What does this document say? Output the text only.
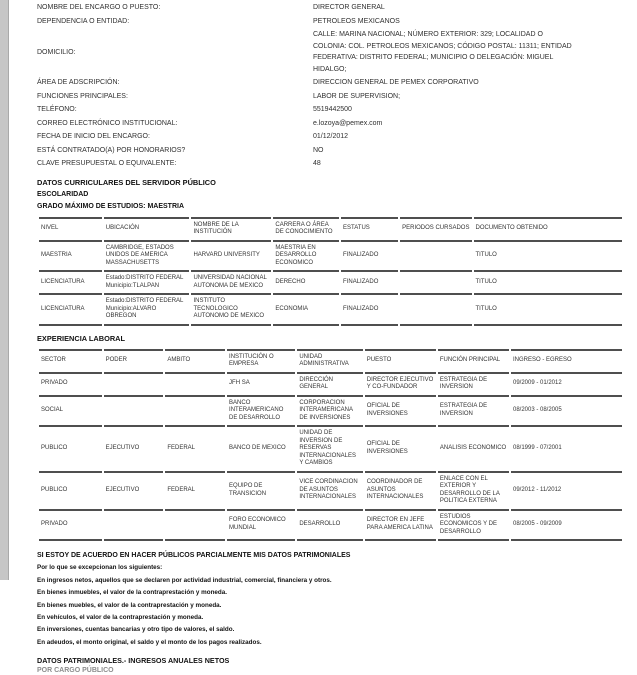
NOMBRE DEL ENCARGO O PUESTO:	DIRECTOR GENERAL
DEPENDENCIA O ENTIDAD:	PETROLEOS MEXICANOS
DOMICILIO:
CALLE: MARINA NACIONAL; NÚMERO EXTERIOR: 329; LOCALIDAD O COLONIA: COL. PETROLEOS MEXICANOS; CÓDIGO POSTAL: 11311; ENTIDAD FEDERATIVA: DISTRITO FEDERAL; MUNICIPIO O DELEGACIÓN: MIGUEL HIDALGO;
ÁREA DE ADSCRIPCIÓN:	DIRECCION GENERAL DE PEMEX CORPORATIVO
FUNCIONES PRINCIPALES:	LABOR DE SUPERVISION;
TELÉFONO:	5519442500
CORREO ELECTRÓNICO INSTITUCIONAL:	e.lozoya@pemex.com
FECHA DE INICIO DEL ENCARGO:	01/12/2012
ESTÁ CONTRATADO(A) POR HONORARIOS?	NO
CLAVE PRESUPUESTAL O EQUIVALENTE:	48
DATOS CURRICULARES DEL SERVIDOR PÚBLICO
ESCOLARIDAD
GRADO MÁXIMO DE ESTUDIOS: MAESTRIA
NIVEL	UBICACIÓN	NOMBRE DE LA INSTITUCIÓN	CARRERA O ÁREA DE CONOCIMIENTO	ESTATUS	PERIODOS CURSADOS	DOCUMENTO OBTENIDO
MAESTRIA	CAMBRIDGE, ESTADOS UNIDOS DE AMERICA MASSACHUSETTS	HARVARD UNIVERSITY	MAESTRIA EN DESARROLLO ECONOMICO	FINALIZADO		TITULO
LICENCIATURA	Estado:DISTRITO FEDERAL Municipio:TLALPAN	UNIVERSIDAD NACIONAL AUTONOMA DE MEXICO	DERECHO	FINALIZADO		TITULO
LICENCIATURA	Estado:DISTRITO FEDERAL Municipio:ALVARO OBREGON	INSTITUTO TECNOLOGICO AUTONOMO DE MEXICO	ECONOMIA	FINALIZADO		TITULO
EXPERIENCIA LABORAL
SECTOR	PODER	AMBITO	INSTITUCIÓN O EMPRESA	UNIDAD ADMINISTRATIVA	PUESTO	FUNCIÓN PRINCIPAL	INGRESO - EGRESO
PRIVADO			JFH SA	DIRECCIÓN GENERAL	DIRECTOR EJECUTIVO Y CO-FUNDADOR	ESTRATEGIA DE INVERSION	09/2009 - 01/2012
SOCIAL			BANCO INTERAMERICANO DE DESARROLLO	CORPORACION INTERAMERICANA DE INVERSIONES	OFICIAL DE INVERSIONES	ESTRATEGIA DE INVERSION	08/2003 - 08/2005
PUBLICO	EJECUTIVO	FEDERAL	BANCO DE MEXICO	UNIDAD DE INVERSION DE RESERVAS INTERNACIONALES Y CAMBIOS	OFICIAL DE INVERSIONES	ANALISIS ECONOMICO	08/1999 - 07/2001
PUBLICO	EJECUTIVO	FEDERAL	EQUIPO DE TRANSICION	VICE CORDINACION DE ASUNTOS INTERNACIONALES	COORDINADOR DE ASUNTOS INTERNACIONALES	ENLACE CON EL EXTERIOR Y DESARROLLO DE LA POLITICA EXTERNA	09/2012 - 11/2012
PRIVADO			FORO ECONOMICO MUNDIAL	DESARROLLO	DIRECTOR EN JEFE PARA AMERICA LATINA	ESTUDIOS ECONOMICOS Y DE DESARROLLO	08/2005 - 09/2009
SI ESTOY DE ACUERDO EN HACER PÚBLICOS PARCIALMENTE MIS DATOS PATRIMONIALES
Por lo que se excepcionan los siguientes:
En ingresos netos, aquellos que se declaren por actividad industrial, comercial, financiera y otros.
En bienes inmuebles, el valor de la contraprestación y moneda.
En bienes muebles, el valor de la contraprestación y moneda.
En vehículos, el valor de la contraprestación y moneda.
En inversiones, cuentas bancarias y otro tipo de valores, el saldo.
En adeudos, el monto original, el saldo y el monto de los pagos realizados.
DATOS PATRIMONIALES.- INGRESOS ANUALES NETOS
POR CARGO PÚBLICO
